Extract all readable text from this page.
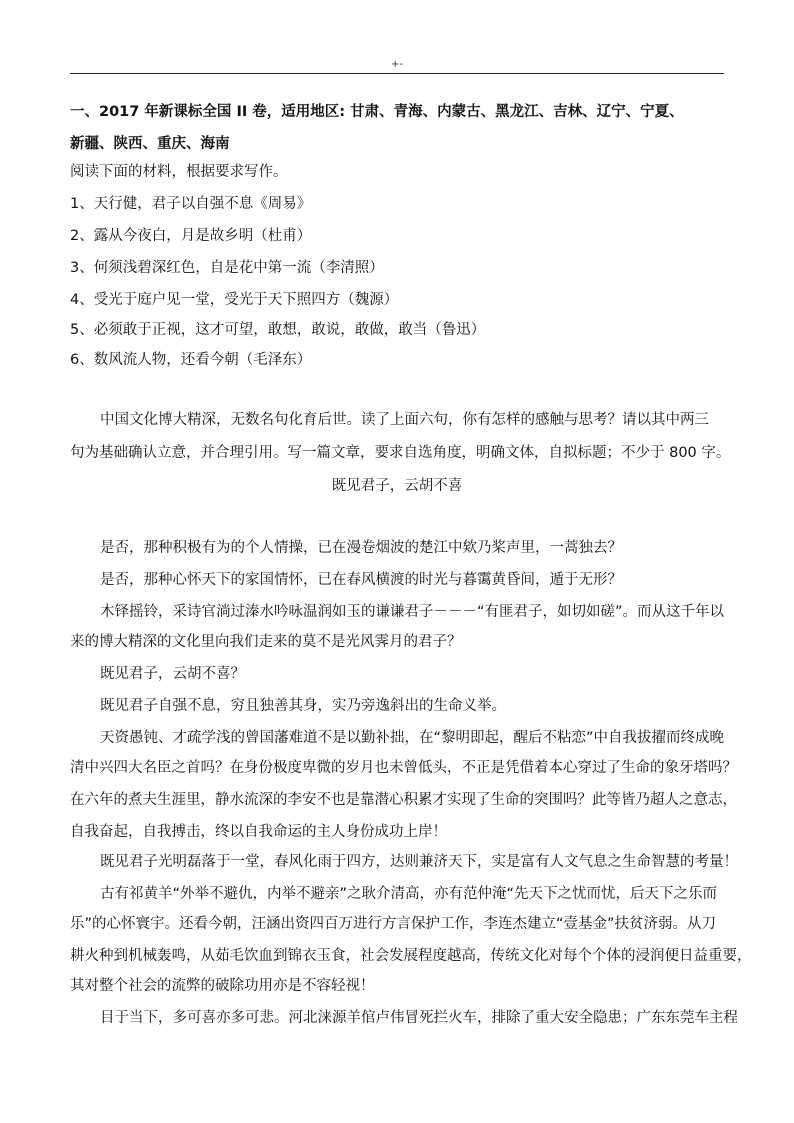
+-
一、2017 年新课标全国 II 卷，适用地区: 甘肃、青海、内蒙古、黑龙江、吉林、辽宁、宁夏、
新疆、陕西、重庆、海南
阅读下面的材料，根据要求写作。
1、天行健，君子以自强不息《周易》
2、露从今夜白，月是故乡明（杜甫）
3、何须浅碧深红色，自是花中第一流（李清照）
4、受光于庭户见一堂，受光于天下照四方（魏源）
5、必须敢于正视，这才可望，敢想，敢说，敢做，敢当（鲁迅）
6、数风流人物，还看今朝（毛泽东）
中国文化博大精深，无数名句化育后世。读了上面六句，你有怎样的感触与思考？请以其中两三
句为基础确认立意，并合理引用。写一篇文章，要求自选角度，明确文体，自拟标题；不少于 800 字。
既见君子，云胡不喜
是否，那种积极有为的个人情操，已在漫卷烟波的楚江中欸乃桨声里，一蒿独去？
是否，那种心怀天下的家国情怀，已在春风横渡的时光与暮霭黄昏间，遁于无形？
木铎摇铃，采诗官淌过溱水吟咏温润如玉的谦谦君子－－－“有匪君子，如切如磋”。而从这千年以
来的博大精深的文化里向我们走来的莫不是光风霁月的君子？
既见君子，云胡不喜？
既见君子自强不息，穷且独善其身，实乃旁逸斜出的生命义举。
天资愚钝、才疏学浅的曾国藩难道不是以勤补拙，在“黎明即起，醒后不粘恋”中自我拔擢而终成晚
清中兴四大名臣之首吗？在身份极度卑微的岁月也未曾低头，不正是凭借着本心穿过了生命的象牙塔吗？
在六年的煮夫生涯里，静水流深的李安不也是靠潜心积累才实现了生命的突围吗？此等皆乃超人之意志，
自我奋起，自我搏击，终以自我命运的主人身份成功上岸！
既见君子光明磊落于一堂，春风化雨于四方，达则兼济天下，实是富有人文气息之生命智慧的考量！
古有祁黄羊“外举不避仇，内举不避亲”之耿介清高，亦有范仲淹“先天下之忧而忧，后天下之乐而
乐”的心怀寰宇。还看今朝，汪涵出资四百万进行方言保护工作，李连杰建立“壹基金”扶贫济弱。从刀
耕火种到机械轰鸣，从茹毛饮血到锦衣玉食，社会发展程度越高，传统文化对每个个体的浸润便日益重要，
其对整个社会的流弊的破除功用亦是不容轻视！
目于当下，多可喜亦多可悲。河北涞源羊倌卢伟冒死拦火车，排除了重大安全隐患；广东东莞车主程
